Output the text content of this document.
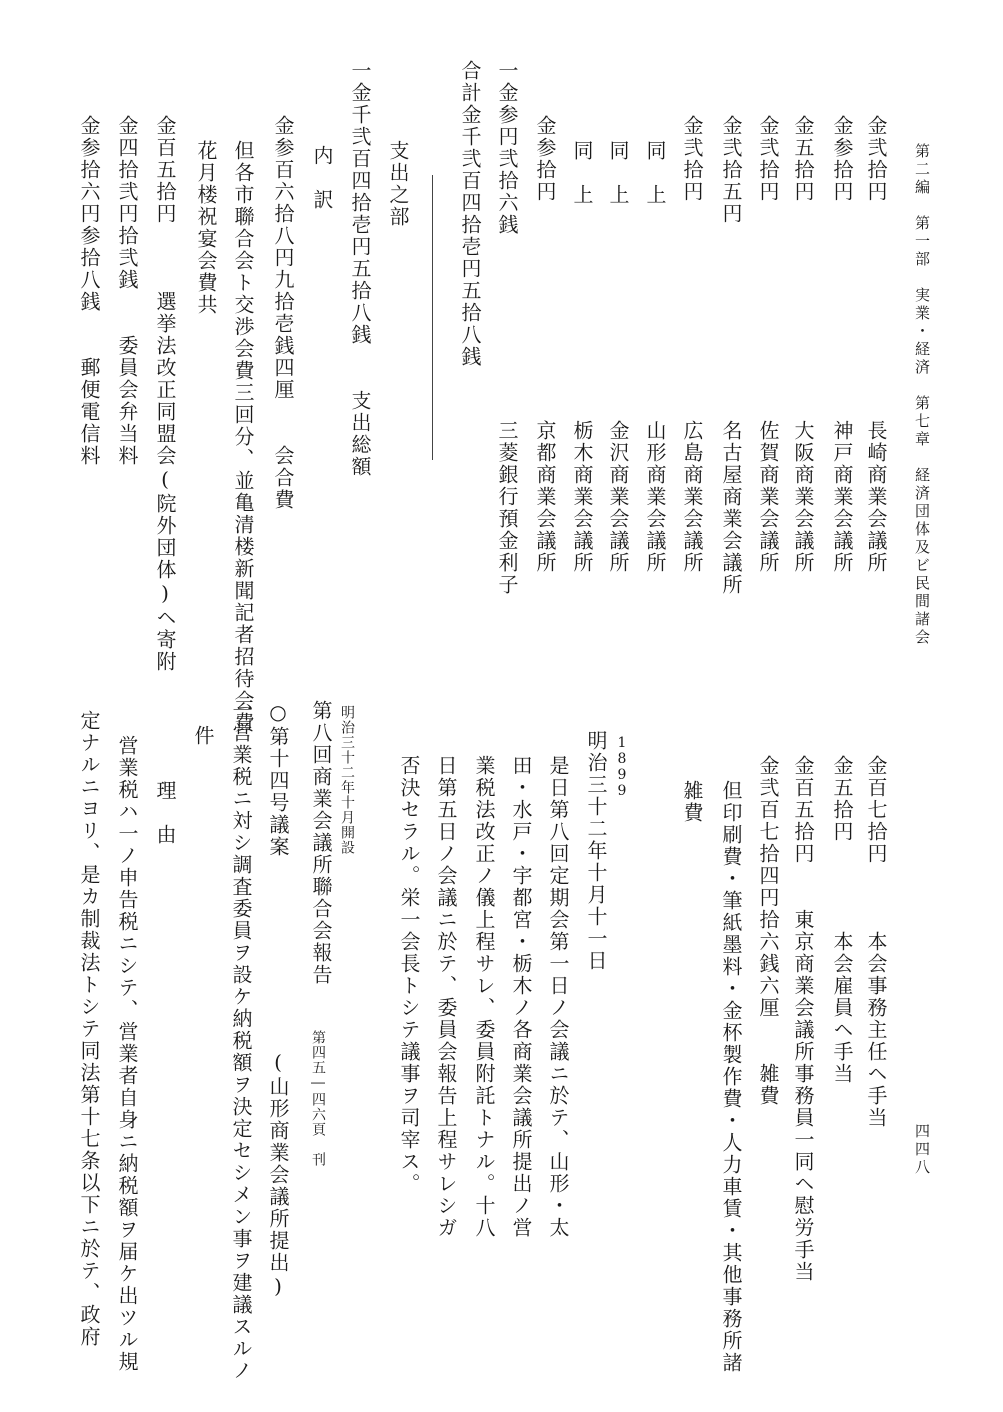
第二編　第一部　実業・経済　第七章　経済団体及ビ民間諸会
四四八
金弐拾円
金参拾円
金五拾円
金弐拾円
金弐拾五円
金弐拾円
同　上
同　上
同　上
金参拾円
一金参円弐拾六銭
長崎商業会議所
神戸商業会議所
大阪商業会議所
佐賀商業会議所
名古屋商業会議所
広島商業会議所
山形商業会議所
金沢商業会議所
栃木商業会議所
京都商業会議所
三菱銀行預金利子
合計金千弐百四拾壱円五拾八銭
支出之部
一金千弐百四拾壱円五拾八銭　　支出総額
内　訳
金参百六拾八円九拾壱銭四厘　　会合費
但各市聯合会ト交渉会費三回分、並亀清楼新聞記者招待会費
花月楼祝宴会費共
金百五拾円　　　選挙法改正同盟会(院外団体)ヘ寄附
金四拾弐円拾弐銭　　委員会弁当料
金参拾六円参拾八銭　　郵便電信料
金百七拾円　　　本会事務主任ヘ手当
金五拾円　　　　本会雇員ヘ手当
金百五拾円　　東京商業会議所事務員一同ヘ慰労手当
金弐百七拾四円拾六銭六厘　　雑費
但印刷費・筆紙墨料・金杯製作費・人力車賃・其他事務所諸
雑費
1899
明治三十二年十月十一日
是日第八回定期会第一日ノ会議ニ於テ、山形・太
田・水戸・宇都宮・栃木ノ各商業会議所提出ノ営
業税法改正ノ儀上程サレ、委員附託トナル。十八
日第五日ノ会議ニ於テ、委員会報告上程サレシガ
否決セラル。栄一会長トシテ議事ヲ司宰ス。
明治三十二年十月開設
第八回商業会議所聯合会報告
第四五―四六頁　刊
(山形商業会議所提出)
○第十四号議案
一営業税ニ対シ調査委員ヲ設ケ納税額ヲ決定セシメン事ヲ建議スルノ
件
理　由
営業税ハ一ノ申告税ニシテ、営業者自身ニ納税額ヲ届ケ出ツル規
定ナルニヨリ、是カ制裁法トシテ同法第十七条以下ニ於テ、政府
